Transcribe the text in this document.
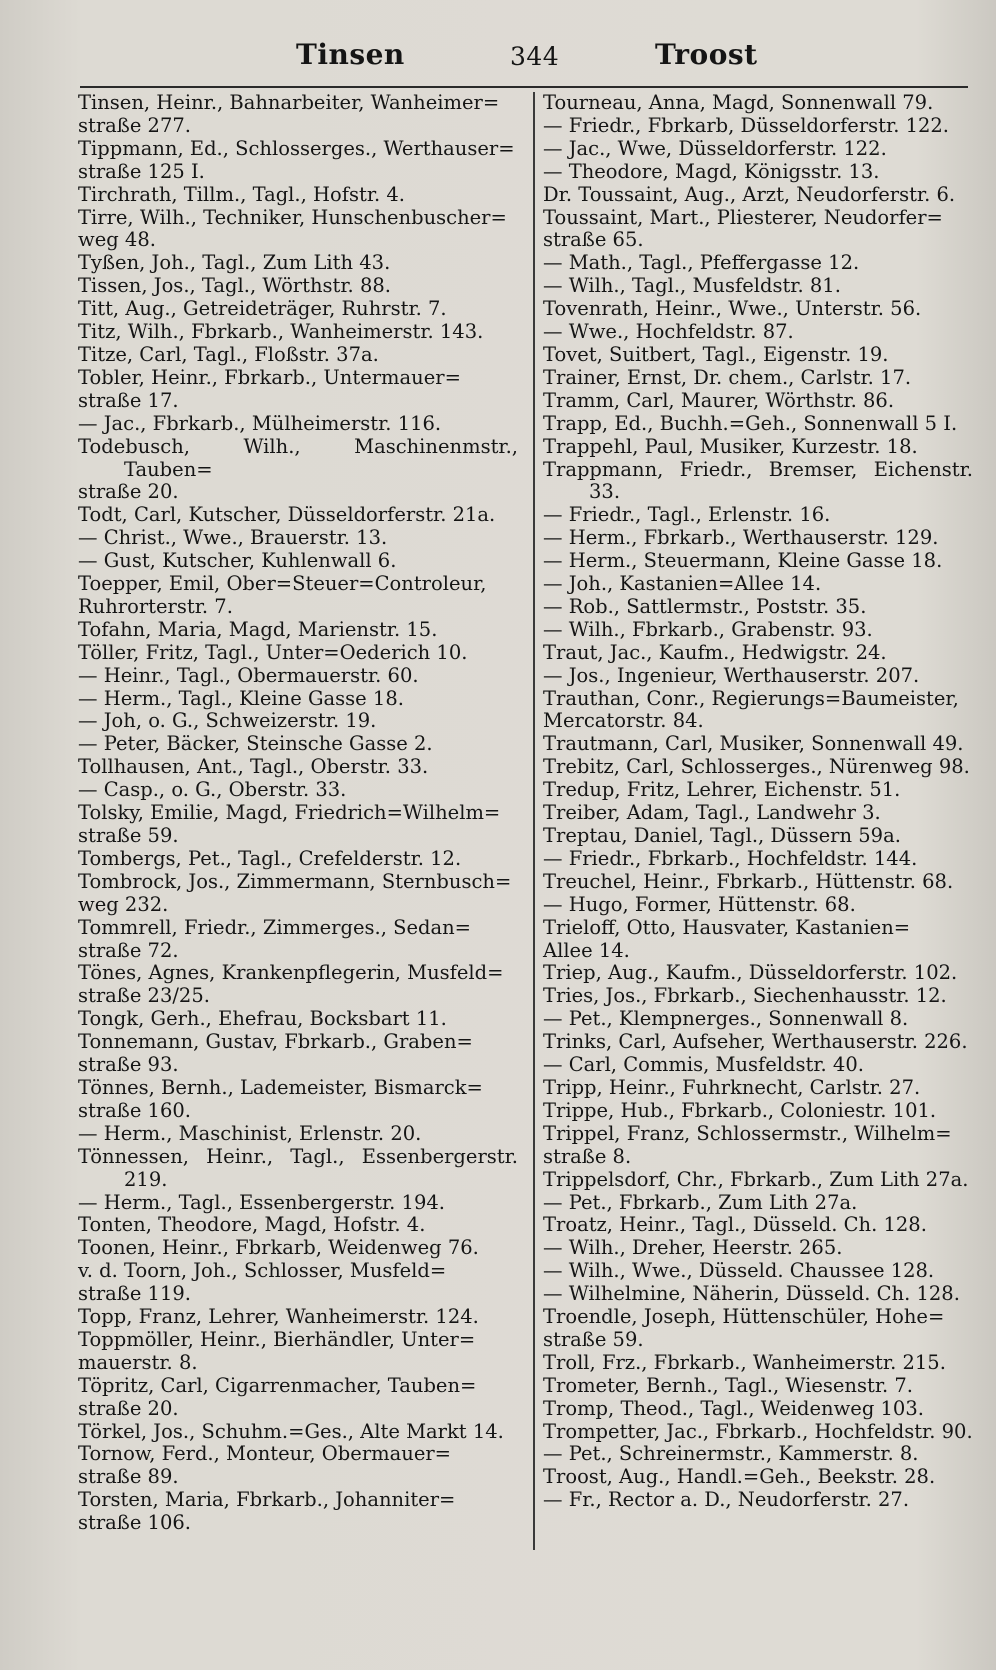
Tinsen	344	Troost

Tinsen, Heinr., Bahnarbeiter, Wanheimer=
straße 277.

Tippmann, Ed., Schlosserges., Werthauser=
straße 125 I.

Tirchrath, Tillm., Tagl., Hofstr. 4.

Tirre, Wilh., Techniker, Hunschenbuscher=
weg 48.

Tyßen, Joh., Tagl., Zum Lith 43.

Tissen, Jos., Tagl., Wörthstr. 88.

Titt, Aug., Getreideträger, Ruhrstr. 7.

Titz, Wilh., Fbrkarb., Wanheimerstr. 143.

Titze, Carl, Tagl., Floßstr. 37a.

Tobler, Heinr., Fbrkarb., Untermauer=
straße 17.

— Jac., Fbrkarb., Mülheimerstr. 116.

Todebusch, Wilh., Maschinenmstr., Tauben=
straße 20.

Todt, Carl, Kutscher, Düsseldorferstr. 21a.

— Christ., Wwe., Brauerstr. 13.

— Gust, Kutscher, Kuhlenwall 6.

Toepper, Emil, Ober=Steuer=Controleur,
Ruhrorterstr. 7.

Tofahn, Maria, Magd, Marienstr. 15.

Töller, Fritz, Tagl., Unter=Oederich 10.

— Heinr., Tagl., Obermauerstr. 60.

— Herm., Tagl., Kleine Gasse 18.

— Joh, o. G., Schweizerstr. 19.

— Peter, Bäcker, Steinsche Gasse 2.

Tollhausen, Ant., Tagl., Oberstr. 33.

— Casp., o. G., Oberstr. 33.

Tolsky, Emilie, Magd, Friedrich=Wilhelm=
straße 59.

Tombergs, Pet., Tagl., Crefelderstr. 12.

Tombrock, Jos., Zimmermann, Sternbusch=
weg 232.

Tommrell, Friedr., Zimmerges., Sedan=
straße 72.

Tönes, Agnes, Krankenpflegerin, Musfeld=
straße 23/25.

Tongk, Gerh., Ehefrau, Bocksbart 11.

Tonnemann, Gustav, Fbrkarb., Graben=
straße 93.

Tönnes, Bernh., Lademeister, Bismarck=
straße 160.

— Herm., Maschinist, Erlenstr. 20.

Tönnessen, Heinr., Tagl., Essenbergerstr. 219.

— Herm., Tagl., Essenbergerstr. 194.

Tonten, Theodore, Magd, Hofstr. 4.

Toonen, Heinr., Fbrkarb, Weidenweg 76.

v. d. Toorn, Joh., Schlosser, Musfeld=
straße 119.

Topp, Franz, Lehrer, Wanheimerstr. 124.

Toppmöller, Heinr., Bierhändler, Unter=
mauerstr. 8.

Töpritz, Carl, Cigarrenmacher, Tauben=
straße 20.

Törkel, Jos., Schuhm.=Ges., Alte Markt 14.

Tornow, Ferd., Monteur, Obermauer=
straße 89.

Torsten, Maria, Fbrkarb., Johanniter=
straße 106.

Tourneau, Anna, Magd, Sonnenwall 79.

— Friedr., Fbrkarb, Düsseldorferstr. 122.

— Jac., Wwe, Düsseldorferstr. 122.

— Theodore, Magd, Königsstr. 13.

Dr. Toussaint, Aug., Arzt, Neudorferstr. 6.

Toussaint, Mart., Pliesterer, Neudorfer=
straße 65.

— Math., Tagl., Pfeffergasse 12.

— Wilh., Tagl., Musfeldstr. 81.

Tovenrath, Heinr., Wwe., Unterstr. 56.

— Wwe., Hochfeldstr. 87.

Tovet, Suitbert, Tagl., Eigenstr. 19.

Trainer, Ernst, Dr. chem., Carlstr. 17.

Tramm, Carl, Maurer, Wörthstr. 86.

Trapp, Ed., Buchh.=Geh., Sonnenwall 5 I.

Trappehl, Paul, Musiker, Kurzestr. 18.

Trappmann, Friedr., Bremser, Eichenstr. 33.

— Friedr., Tagl., Erlenstr. 16.

— Herm., Fbrkarb., Werthauserstr. 129.

— Herm., Steuermann, Kleine Gasse 18.

— Joh., Kastanien=Allee 14.

— Rob., Sattlermstr., Poststr. 35.

— Wilh., Fbrkarb., Grabenstr. 93.

Traut, Jac., Kaufm., Hedwigstr. 24.

— Jos., Ingenieur, Werthauserstr. 207.

Trauthan, Conr., Regierungs=Baumeister,
Mercatorstr. 84.

Trautmann, Carl, Musiker, Sonnenwall 49.

Trebitz, Carl, Schlosserges., Nürenweg 98.

Tredup, Fritz, Lehrer, Eichenstr. 51.

Treiber, Adam, Tagl., Landwehr 3.

Treptau, Daniel, Tagl., Düssern 59a.

— Friedr., Fbrkarb., Hochfeldstr. 144.

Treuchel, Heinr., Fbrkarb., Hüttenstr. 68.

— Hugo, Former, Hüttenstr. 68.

Trieloff, Otto, Hausvater, Kastanien=
Allee 14.

Triep, Aug., Kaufm., Düsseldorferstr. 102.

Tries, Jos., Fbrkarb., Siechenhausstr. 12.

— Pet., Klempnerges., Sonnenwall 8.

Trinks, Carl, Aufseher, Werthauserstr. 226.

— Carl, Commis, Musfeldstr. 40.

Tripp, Heinr., Fuhrknecht, Carlstr. 27.

Trippe, Hub., Fbrkarb., Coloniestr. 101.

Trippel, Franz, Schlossermstr., Wilhelm=
straße 8.

Trippelsdorf, Chr., Fbrkarb., Zum Lith 27a.

— Pet., Fbrkarb., Zum Lith 27a.

Troatz, Heinr., Tagl., Düsseld. Ch. 128.

— Wilh., Dreher, Heerstr. 265.

— Wilh., Wwe., Düsseld. Chaussee 128.

— Wilhelmine, Näherin, Düsseld. Ch. 128.

Troendle, Joseph, Hüttenschüler, Hohe=
straße 59.

Troll, Frz., Fbrkarb., Wanheimerstr. 215.

Trometer, Bernh., Tagl., Wiesenstr. 7.

Tromp, Theod., Tagl., Weidenweg 103.

Trompetter, Jac., Fbrkarb., Hochfeldstr. 90.

— Pet., Schreinermstr., Kammerstr. 8.

Troost, Aug., Handl.=Geh., Beekstr. 28.

— Fr., Rector a. D., Neudorferstr. 27.
